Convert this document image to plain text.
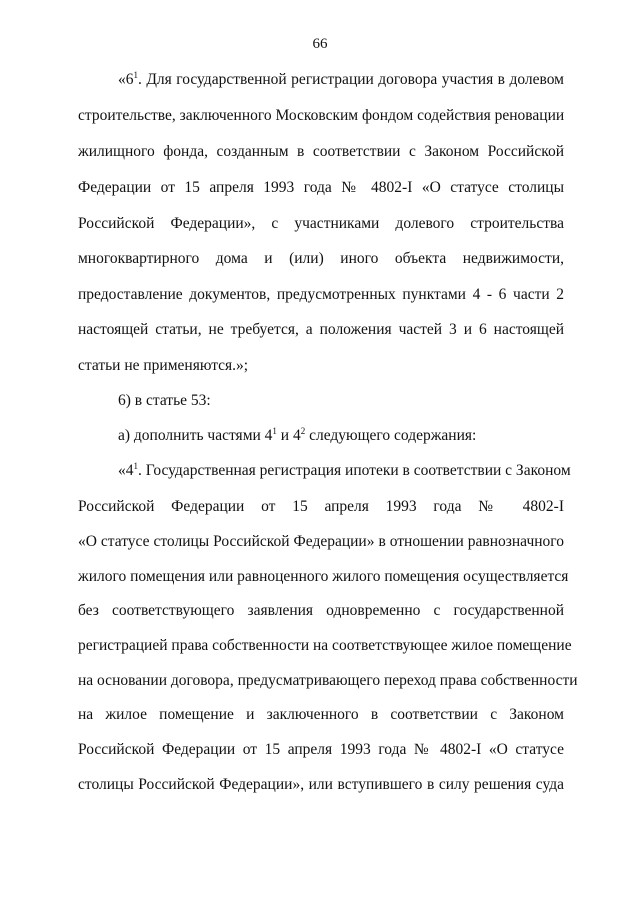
66
«$6^1$. Для государственной регистрации договора участия в долевом
строительстве, заключенного Московским фондом содействия реновации
жилищного фонда, созданным в соответствии с Законом Российской
Федерации от 15 апреля 1993 года № 4802-I «О статусе столицы
Российской Федерации», с участниками долевого строительства
многоквартирного дома и (или) иного объекта недвижимости,
предоставление документов, предусмотренных пунктами 4 - 6 части 2
настоящей статьи, не требуется, а положения частей 3 и 6 настоящей
статьи не применяются.»;
6) в статье 53:
а) дополнить частями $4^1$ и $4^2$ следующего содержания:
«$4^1$. Государственная регистрация ипотеки в соответствии с Законом
Российской Федерации от 15 апреля 1993 года № 4802-I
«О статусе столицы Российской Федерации» в отношении равнозначного
жилого помещения или равноценного жилого помещения осуществляется
без соответствующего заявления одновременно с государственной
регистрацией права собственности на соответствующее жилое помещение
на основании договора, предусматривающего переход права собственности
на жилое помещение и заключенного в соответствии с Законом
Российской Федерации от 15 апреля 1993 года № 4802-I «О статусе
столицы Российской Федерации», или вступившего в силу решения суда
